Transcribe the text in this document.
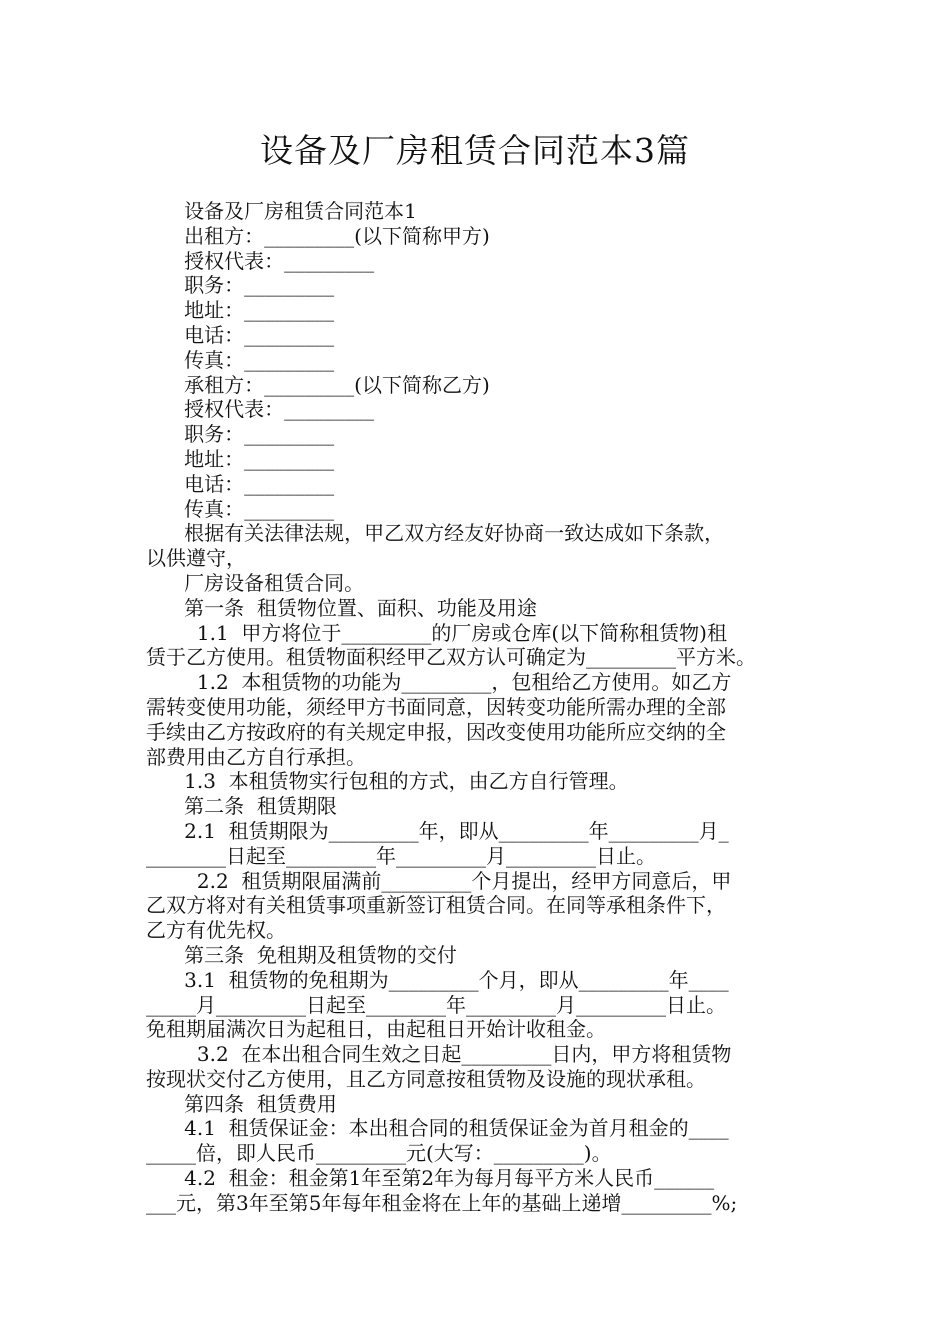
设备及厂房租赁合同范本3篇
设备及厂房租赁合同范本1
出租方：_________(以下简称甲方)
授权代表：_________
职务：_________
地址：_________
电话：_________
传真：_________
承租方：_________(以下简称乙方)
授权代表：_________
职务：_________
地址：_________
电话：_________
传真：_________
根据有关法律法规，甲乙双方经友好协商一致达成如下条款，
以供遵守，
厂房设备租赁合同。
第一条  租赁物位置、面积、功能及用途
1.1  甲方将位于_________的厂房或仓库(以下简称租赁物)租
赁于乙方使用。租赁物面积经甲乙双方认可确定为_________平方米。
1.2  本租赁物的功能为_________，包租给乙方使用。如乙方
需转变使用功能，须经甲方书面同意，因转变功能所需办理的全部
手续由乙方按政府的有关规定申报，因改变使用功能所应交纳的全
部费用由乙方自行承担。
1.3  本租赁物实行包租的方式，由乙方自行管理。
第二条  租赁期限
2.1  租赁期限为_________年，即从_________年_________月_
________日起至_________年_________月_________日止。
2.2  租赁期限届满前_________个月提出，经甲方同意后，甲
乙双方将对有关租赁事项重新签订租赁合同。在同等承租条件下，
乙方有优先权。
第三条  免租期及租赁物的交付
3.1  租赁物的免租期为_________个月，即从_________年____
_____月_________日起至________年_________月_________日止。
免租期届满次日为起租日，由起租日开始计收租金。
3.2  在本出租合同生效之日起_________日内，甲方将租赁物
按现状交付乙方使用，且乙方同意按租赁物及设施的现状承租。
第四条  租赁费用
4.1  租赁保证金：本出租合同的租赁保证金为首月租金的____
_____倍，即人民币_________元(大写：_________)。
4.2  租金：租金第1年至第2年为每月每平方米人民币______
___元，第3年至第5年每年租金将在上年的基础上递增_________%;
